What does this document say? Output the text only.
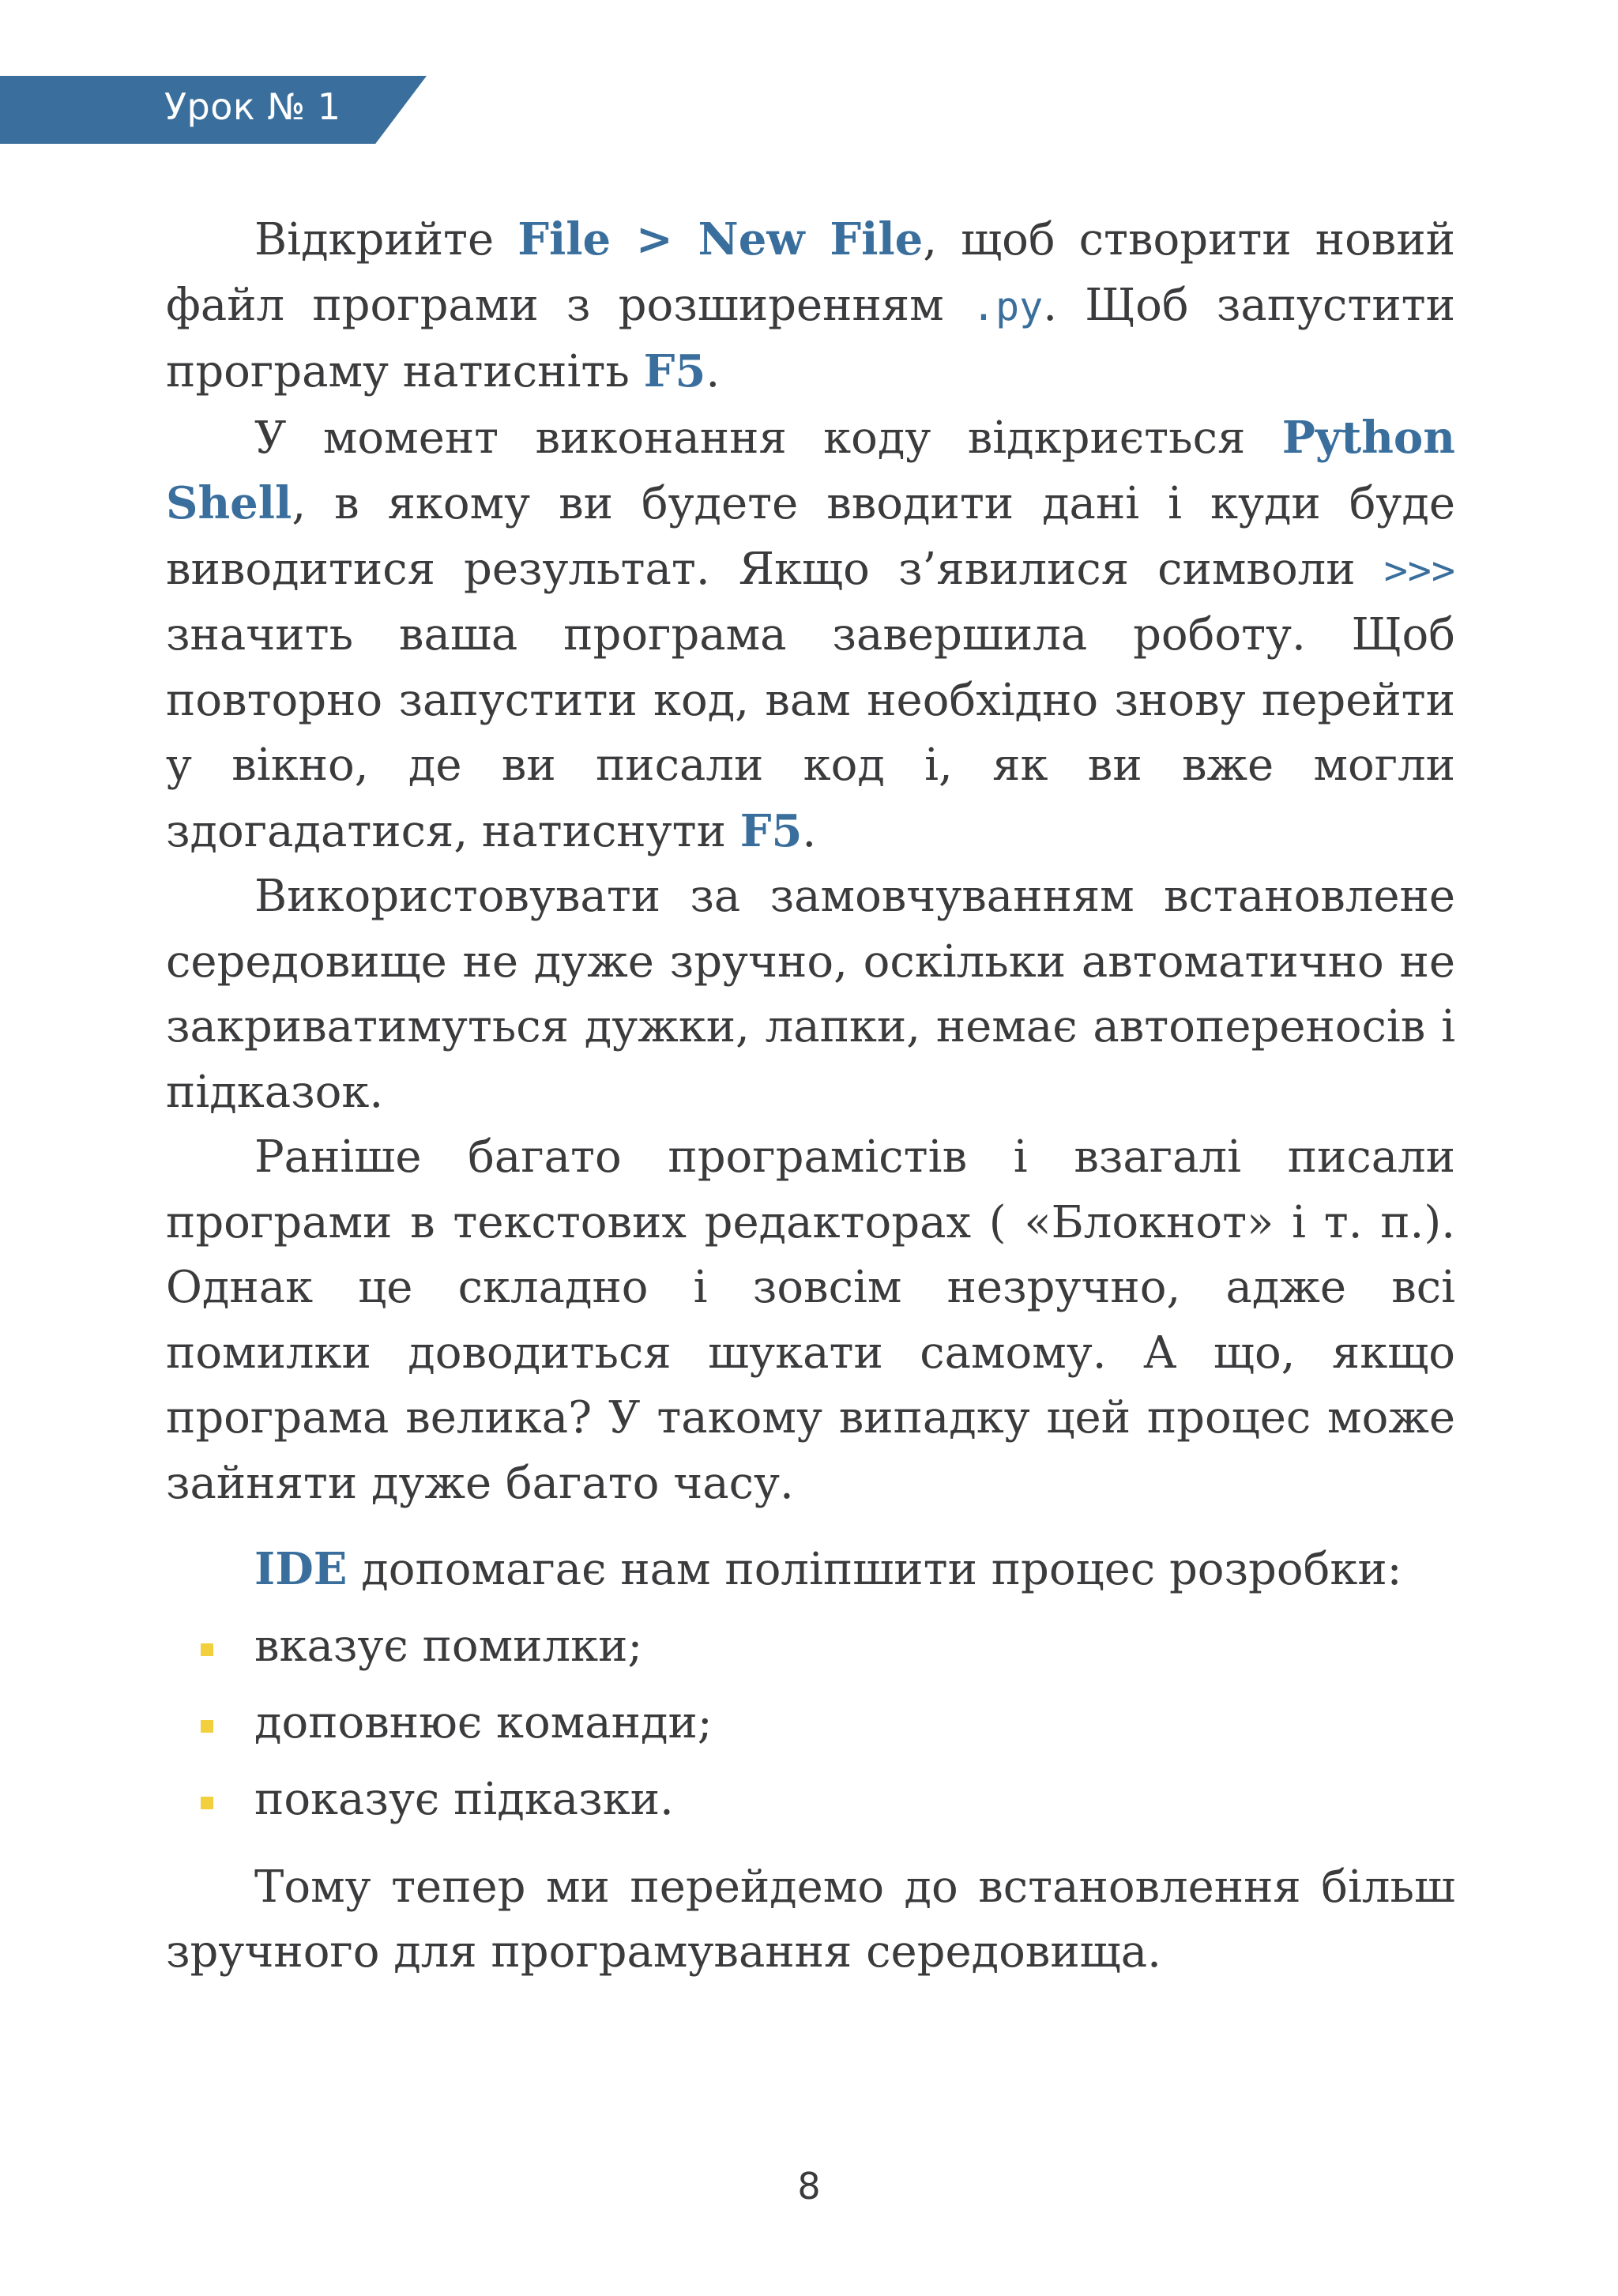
Урок № 1

Відкрийте File > New File, щоб створити новий файл програми з розширенням .py. Щоб запустити програму натисніть F5.

У момент виконання коду відкриється Python Shell, в якому ви будете вводити дані і куди буде виводитися результат. Якщо з’явилися символи >>> значить ваша програма завершила роботу. Щоб повторно запустити код, вам необхідно знову перейти у вікно, де ви писали код і, як ви вже могли здогадатися, натиснути F5.

Використовувати за замовчуванням встановлене середовище не дуже зручно, оскільки автоматично не закриватимуться дужки, лапки, немає автопереносів і підказок.

Раніше багато програмістів і взагалі писали програми в текстових редакторах ( «Блокнот» і т. п.). Однак це складно і зовсім незручно, адже всі помилки доводиться шукати самому. А що, якщо програма велика? У такому випадку цей процес може зайняти дуже багато часу.

IDE допомагає нам поліпшити процес розробки:

вказує помилки;
доповнює команди;
показує підказки.

Тому тепер ми перейдемо до встановлення більш зручного для програмування середовища.

8
